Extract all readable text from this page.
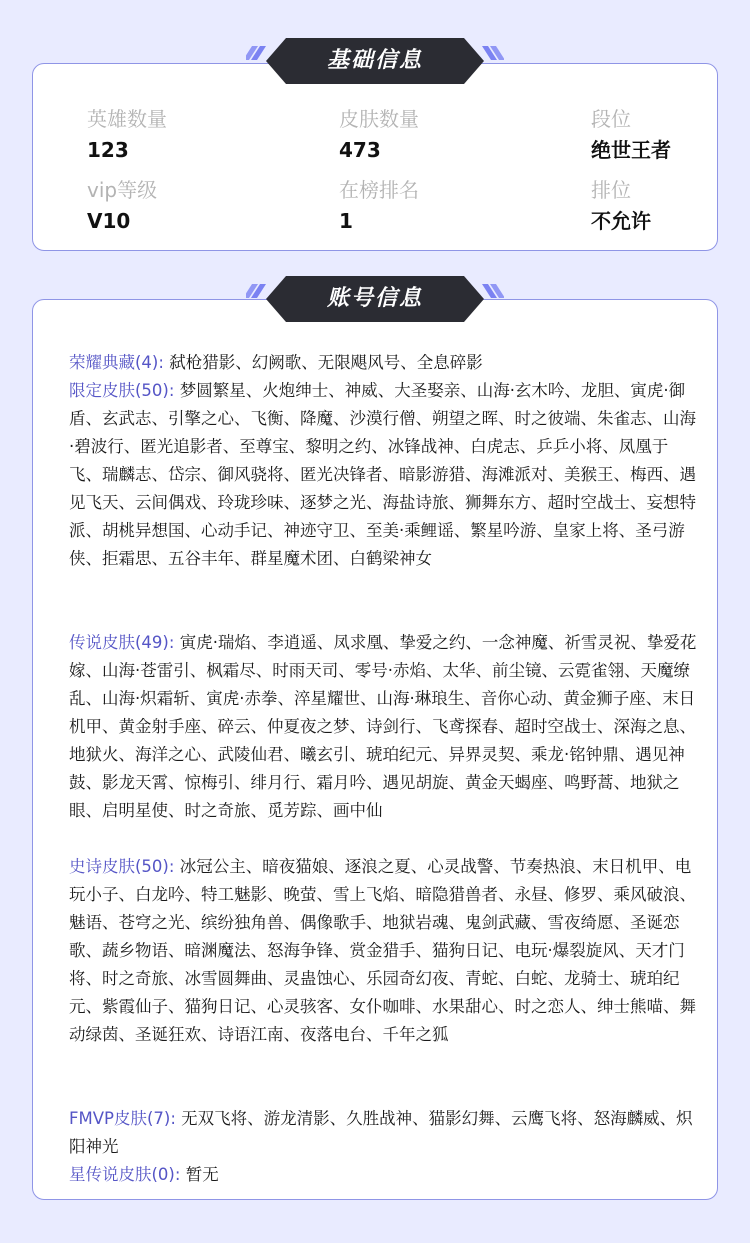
英雄数量
123
皮肤数量
473
段位
绝世王者
vip等级
V10
在榜排名
1
排位
不允许
基础信息
荣耀典藏(4): 弑枪猎影、幻阙歌、无限飓风号、全息碎影
限定皮肤(50): 梦圆繁星、火炮绅士、神威、大圣娶亲、山海·玄木吟、龙胆、寅虎·御盾、玄武志、引擎之心、飞衡、降魔、沙漠行僧、朔望之晖、时之彼端、朱雀志、山海·碧波行、匿光追影者、至尊宝、黎明之约、冰锋战神、白虎志、乒乒小将、凤凰于飞、瑞麟志、岱宗、御风骁将、匿光决锋者、暗影游猎、海滩派对、美猴王、梅西、遇见飞天、云间偶戏、玲珑珍味、逐梦之光、海盐诗旅、狮舞东方、超时空战士、妄想特派、胡桃异想国、心动手记、神迹守卫、至美·乘鲤谣、繁星吟游、皇家上将、圣弓游侠、拒霜思、五谷丰年、群星魔术团、白鹤梁神女
传说皮肤(49): 寅虎·瑞焰、李逍遥、凤求凰、挚爱之约、一念神魔、祈雪灵祝、挚爱花嫁、山海·苍雷引、枫霜尽、时雨天司、零号·赤焰、太华、前尘镜、云霓雀翎、天魔缭乱、山海·炽霜斩、寅虎·赤拳、淬星耀世、山海·琳琅生、音你心动、黄金狮子座、末日机甲、黄金射手座、碎云、仲夏夜之梦、诗剑行、飞鸢探春、超时空战士、深海之息、地狱火、海洋之心、武陵仙君、曦玄引、琥珀纪元、异界灵契、乘龙·铭钟鼎、遇见神鼓、影龙天霄、惊梅引、绯月行、霜月吟、遇见胡旋、黄金天蝎座、鸣野蒿、地狱之眼、启明星使、时之奇旅、觅芳踪、画中仙
史诗皮肤(50): 冰冠公主、暗夜猫娘、逐浪之夏、心灵战警、节奏热浪、末日机甲、电玩小子、白龙吟、特工魅影、晚萤、雪上飞焰、暗隐猎兽者、永昼、修罗、乘风破浪、魅语、苍穹之光、缤纷独角兽、偶像歌手、地狱岩魂、鬼剑武藏、雪夜绮愿、圣诞恋歌、蔬乡物语、暗渊魔法、怒海争锋、赏金猎手、猫狗日记、电玩·爆裂旋风、天才门将、时之奇旅、冰雪圆舞曲、灵蛊蚀心、乐园奇幻夜、青蛇、白蛇、龙骑士、琥珀纪元、紫霞仙子、猫狗日记、心灵骇客、女仆咖啡、水果甜心、时之恋人、绅士熊喵、舞动绿茵、圣诞狂欢、诗语江南、夜落电台、千年之狐
FMVP皮肤(7): 无双飞将、游龙清影、久胜战神、猫影幻舞、云鹰飞将、怒海麟威、炽阳神光
星传说皮肤(0): 暂无
账号信息
